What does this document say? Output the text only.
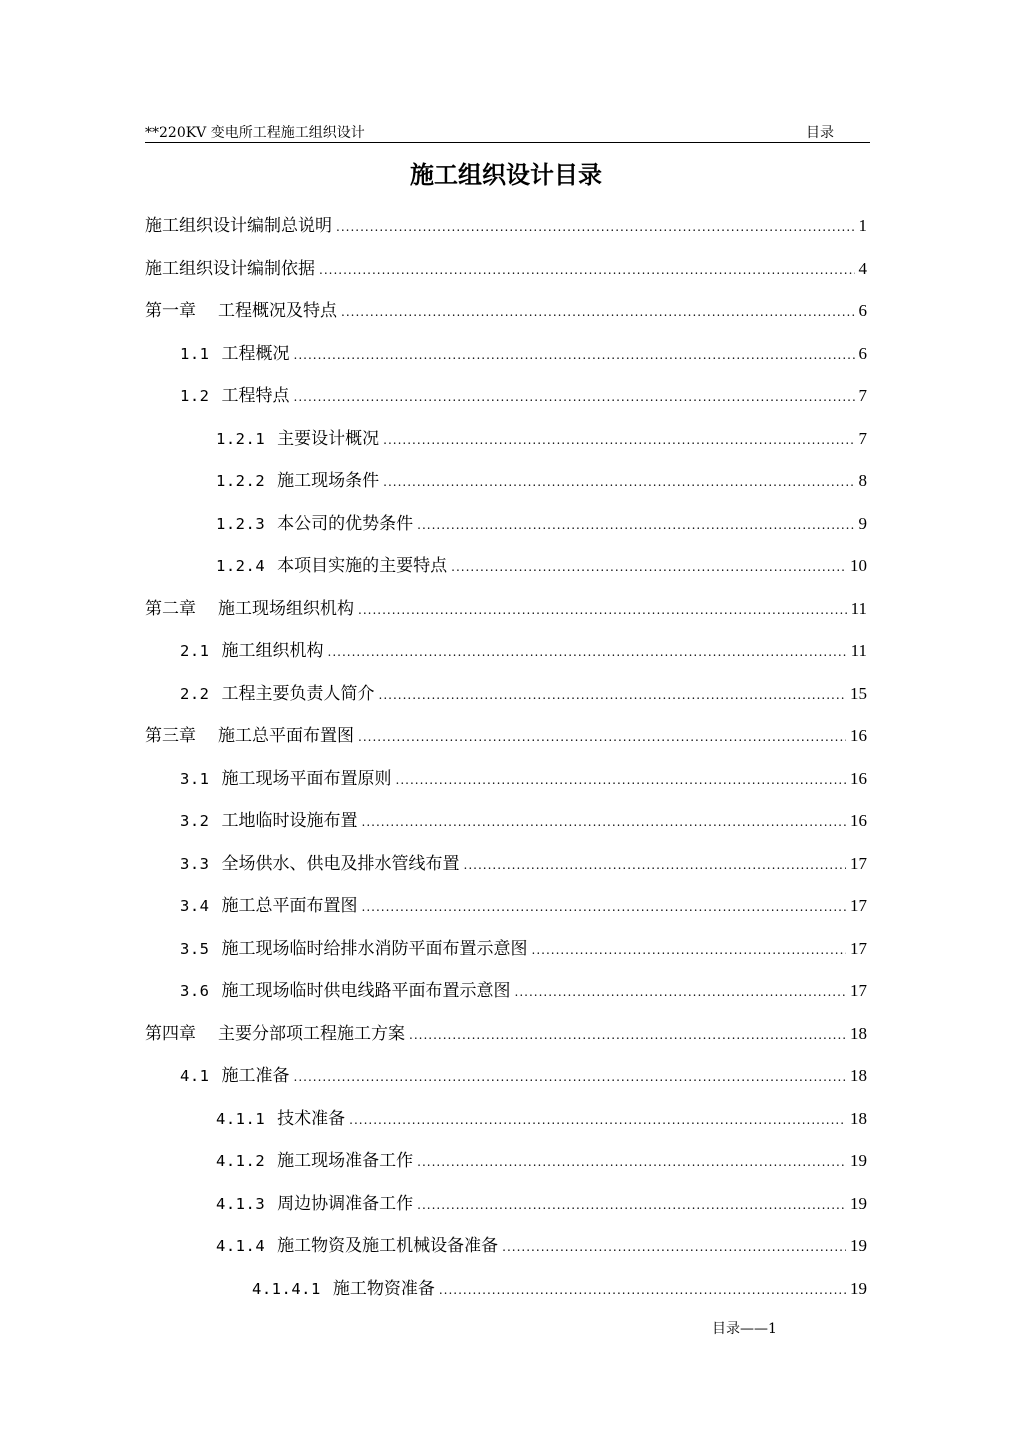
**220KV 变电所工程施工组织设计	目录
施工组织设计目录
施工组织设计编制总说明 .....	1
施工组织设计编制依据 .....	4
第一章 工程概况及特点 .....	6
1.1 工程概况 .....	6
1.2 工程特点 .....	7
1.2.1 主要设计概况 .....	7
1.2.2 施工现场条件 .....	8
1.2.3 本公司的优势条件 .....	9
1.2.4 本项目实施的主要特点 .....	10
第二章 施工现场组织机构 .....	11
2.1 施工组织机构 .....	11
2.2 工程主要负责人简介 .....	15
第三章 施工总平面布置图 .....	16
3.1 施工现场平面布置原则 .....	16
3.2 工地临时设施布置 .....	16
3.3 全场供水、供电及排水管线布置 .....	17
3.4 施工总平面布置图 .....	17
3.5 施工现场临时给排水消防平面布置示意图 .....	17
3.6 施工现场临时供电线路平面布置示意图 .....	17
第四章 主要分部项工程施工方案 .....	18
4.1 施工准备 .....	18
4.1.1 技术准备 .....	18
4.1.2 施工现场准备工作 .....	19
4.1.3 周边协调准备工作 .....	19
4.1.4 施工物资及施工机械设备准备 .....	19
4.1.4.1 施工物资准备 .....	19
目录——1
